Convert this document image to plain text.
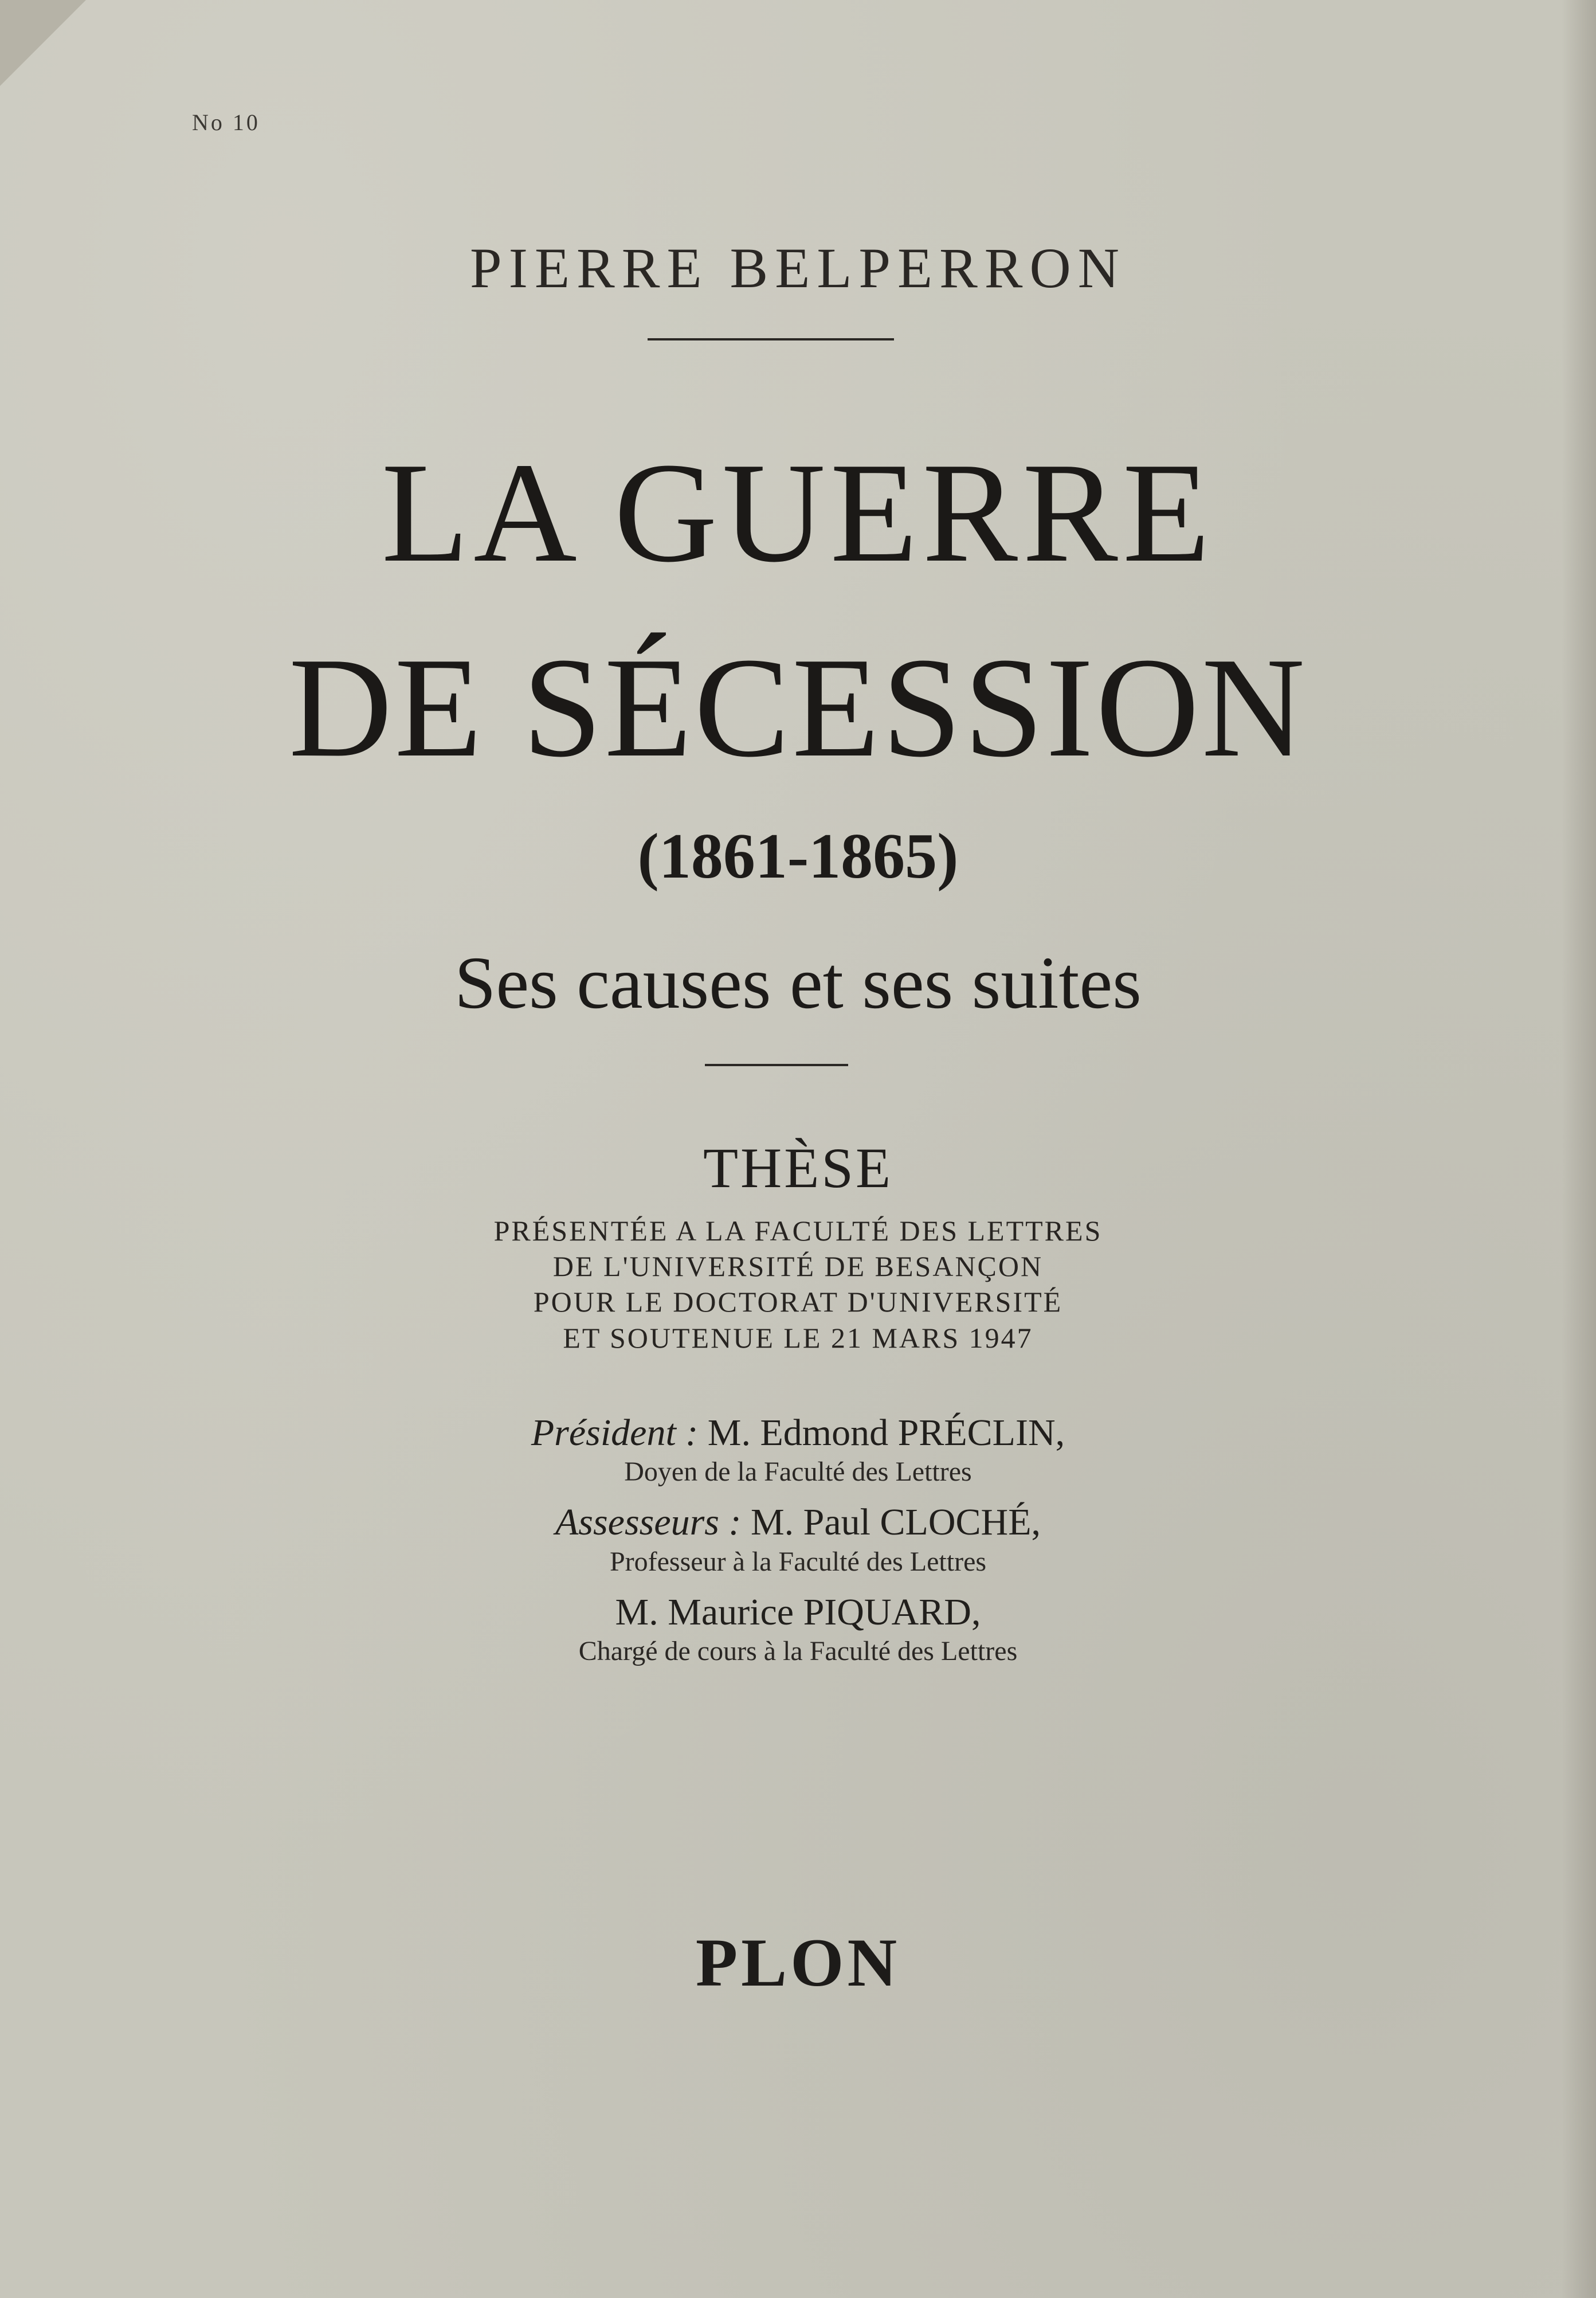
No 10
PIERRE BELPERRON
LA GUERRE
DE SÉCESSION
(1861-1865)
Ses causes et ses suites
THÈSE
PRÉSENTÉE A LA FACULTÉ DES LETTRES
DE L'UNIVERSITÉ DE BESANÇON
POUR LE DOCTORAT D'UNIVERSITÉ
ET SOUTENUE LE 21 MARS 1947
Président : M. Edmond PRÉCLIN,
Doyen de la Faculté des Lettres
Assesseurs : M. Paul CLOCHÉ,
Professeur à la Faculté des Lettres
M. Maurice PIQUARD,
Chargé de cours à la Faculté des Lettres
PLON
